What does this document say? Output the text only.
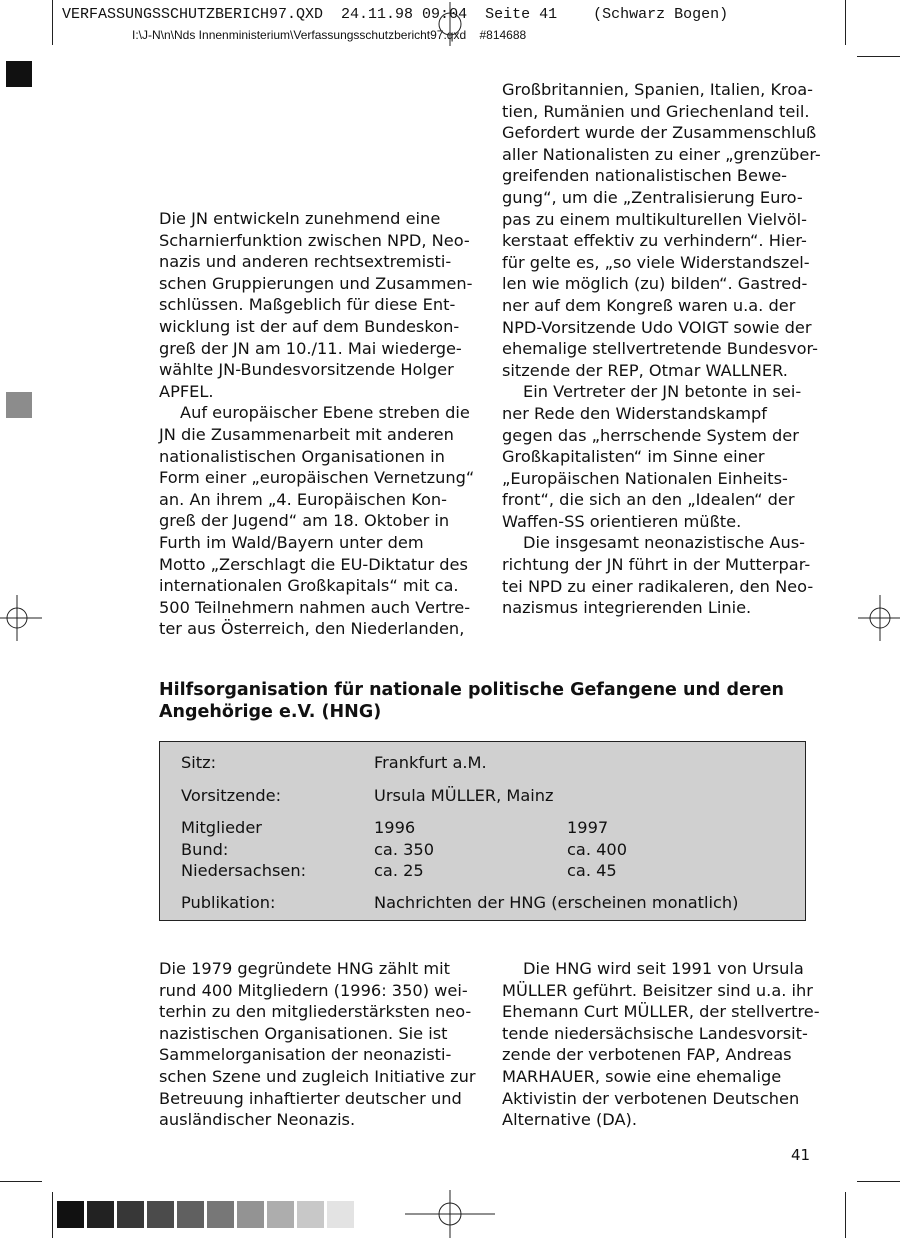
VERFASSUNGSSCHUTZBERICH97.QXD  24.11.98 09:04  Seite 41    (Schwarz Bogen)
I:\J-N\n\Nds Innenministerium\Verfassungsschutzbericht97.qxd    #814688

Die JN entwickeln zunehmend eine

Scharnierfunktion zwischen NPD, Neo-

nazis und anderen rechtsextremisti-

schen Gruppierungen und Zusammen-

schlüssen. Maßgeblich für diese Ent-

wicklung ist der auf dem Bundeskon-

greß der JN am 10./11. Mai wiederge-

wählte JN-Bundesvorsitzende Holger

APFEL.

Auf europäischer Ebene streben die

JN die Zusammenarbeit mit anderen

nationalistischen Organisationen in

Form einer „europäischen Vernetzung“

an. An ihrem „4. Europäischen Kon-

greß der Jugend“ am 18. Oktober in

Furth im Wald/Bayern unter dem

Motto „Zerschlagt die EU-Diktatur des

internationalen Großkapitals“ mit ca.

500 Teilnehmern nahmen auch Vertre-

ter aus Österreich, den Niederlanden,

Großbritannien, Spanien, Italien, Kroa-

tien, Rumänien und Griechenland teil.

Gefordert wurde der Zusammenschluß

aller Nationalisten zu einer „grenzüber-

greifenden nationalistischen Bewe-

gung“, um die „Zentralisierung Euro-

pas zu einem multikulturellen Vielvöl-

kerstaat effektiv zu verhindern“. Hier-

für gelte es, „so viele Widerstandszel-

len wie möglich (zu) bilden“. Gastred-

ner auf dem Kongreß waren u.a. der

NPD-Vorsitzende Udo VOIGT sowie der

ehemalige stellvertretende Bundesvor-

sitzende der REP, Otmar WALLNER.

Ein Vertreter der JN betonte in sei-

ner Rede den Widerstandskampf

gegen das „herrschende System der

Großkapitalisten“ im Sinne einer

„Europäischen Nationalen Einheits-

front“, die sich an den „Idealen“ der

Waffen-SS orientieren müßte.

Die insgesamt neonazistische Aus-

richtung der JN führt in der Mutterpar-

tei NPD zu einer radikaleren, den Neo-

nazismus integrierenden Linie.

Hilfsorganisation für nationale politische Gefangene und deren
Angehörige e.V. (HNG)
Sitz:	Frankfurt a.M.
Vorsitzende:	Ursula MÜLLER, Mainz
Mitglieder	1996	1997
Bund:	ca. 350	ca. 400
Niedersachsen:	ca. 25	ca. 45
Publikation:	Nachrichten der HNG (erscheinen monatlich)

Die 1979 gegründete HNG zählt mit

rund 400 Mitgliedern (1996: 350) wei-

terhin zu den mitgliederstärksten neo-

nazistischen Organisationen. Sie ist

Sammelorganisation der neonazisti-

schen Szene und zugleich Initiative zur

Betreuung inhaftierter deutscher und

ausländischer Neonazis.

Die HNG wird seit 1991 von Ursula

MÜLLER geführt. Beisitzer sind u.a. ihr

Ehemann Curt MÜLLER, der stellvertre-

tende niedersächsische Landesvorsit-

zende der verbotenen FAP, Andreas

MARHAUER, sowie eine ehemalige

Aktivistin der verbotenen Deutschen

Alternative (DA).

41
